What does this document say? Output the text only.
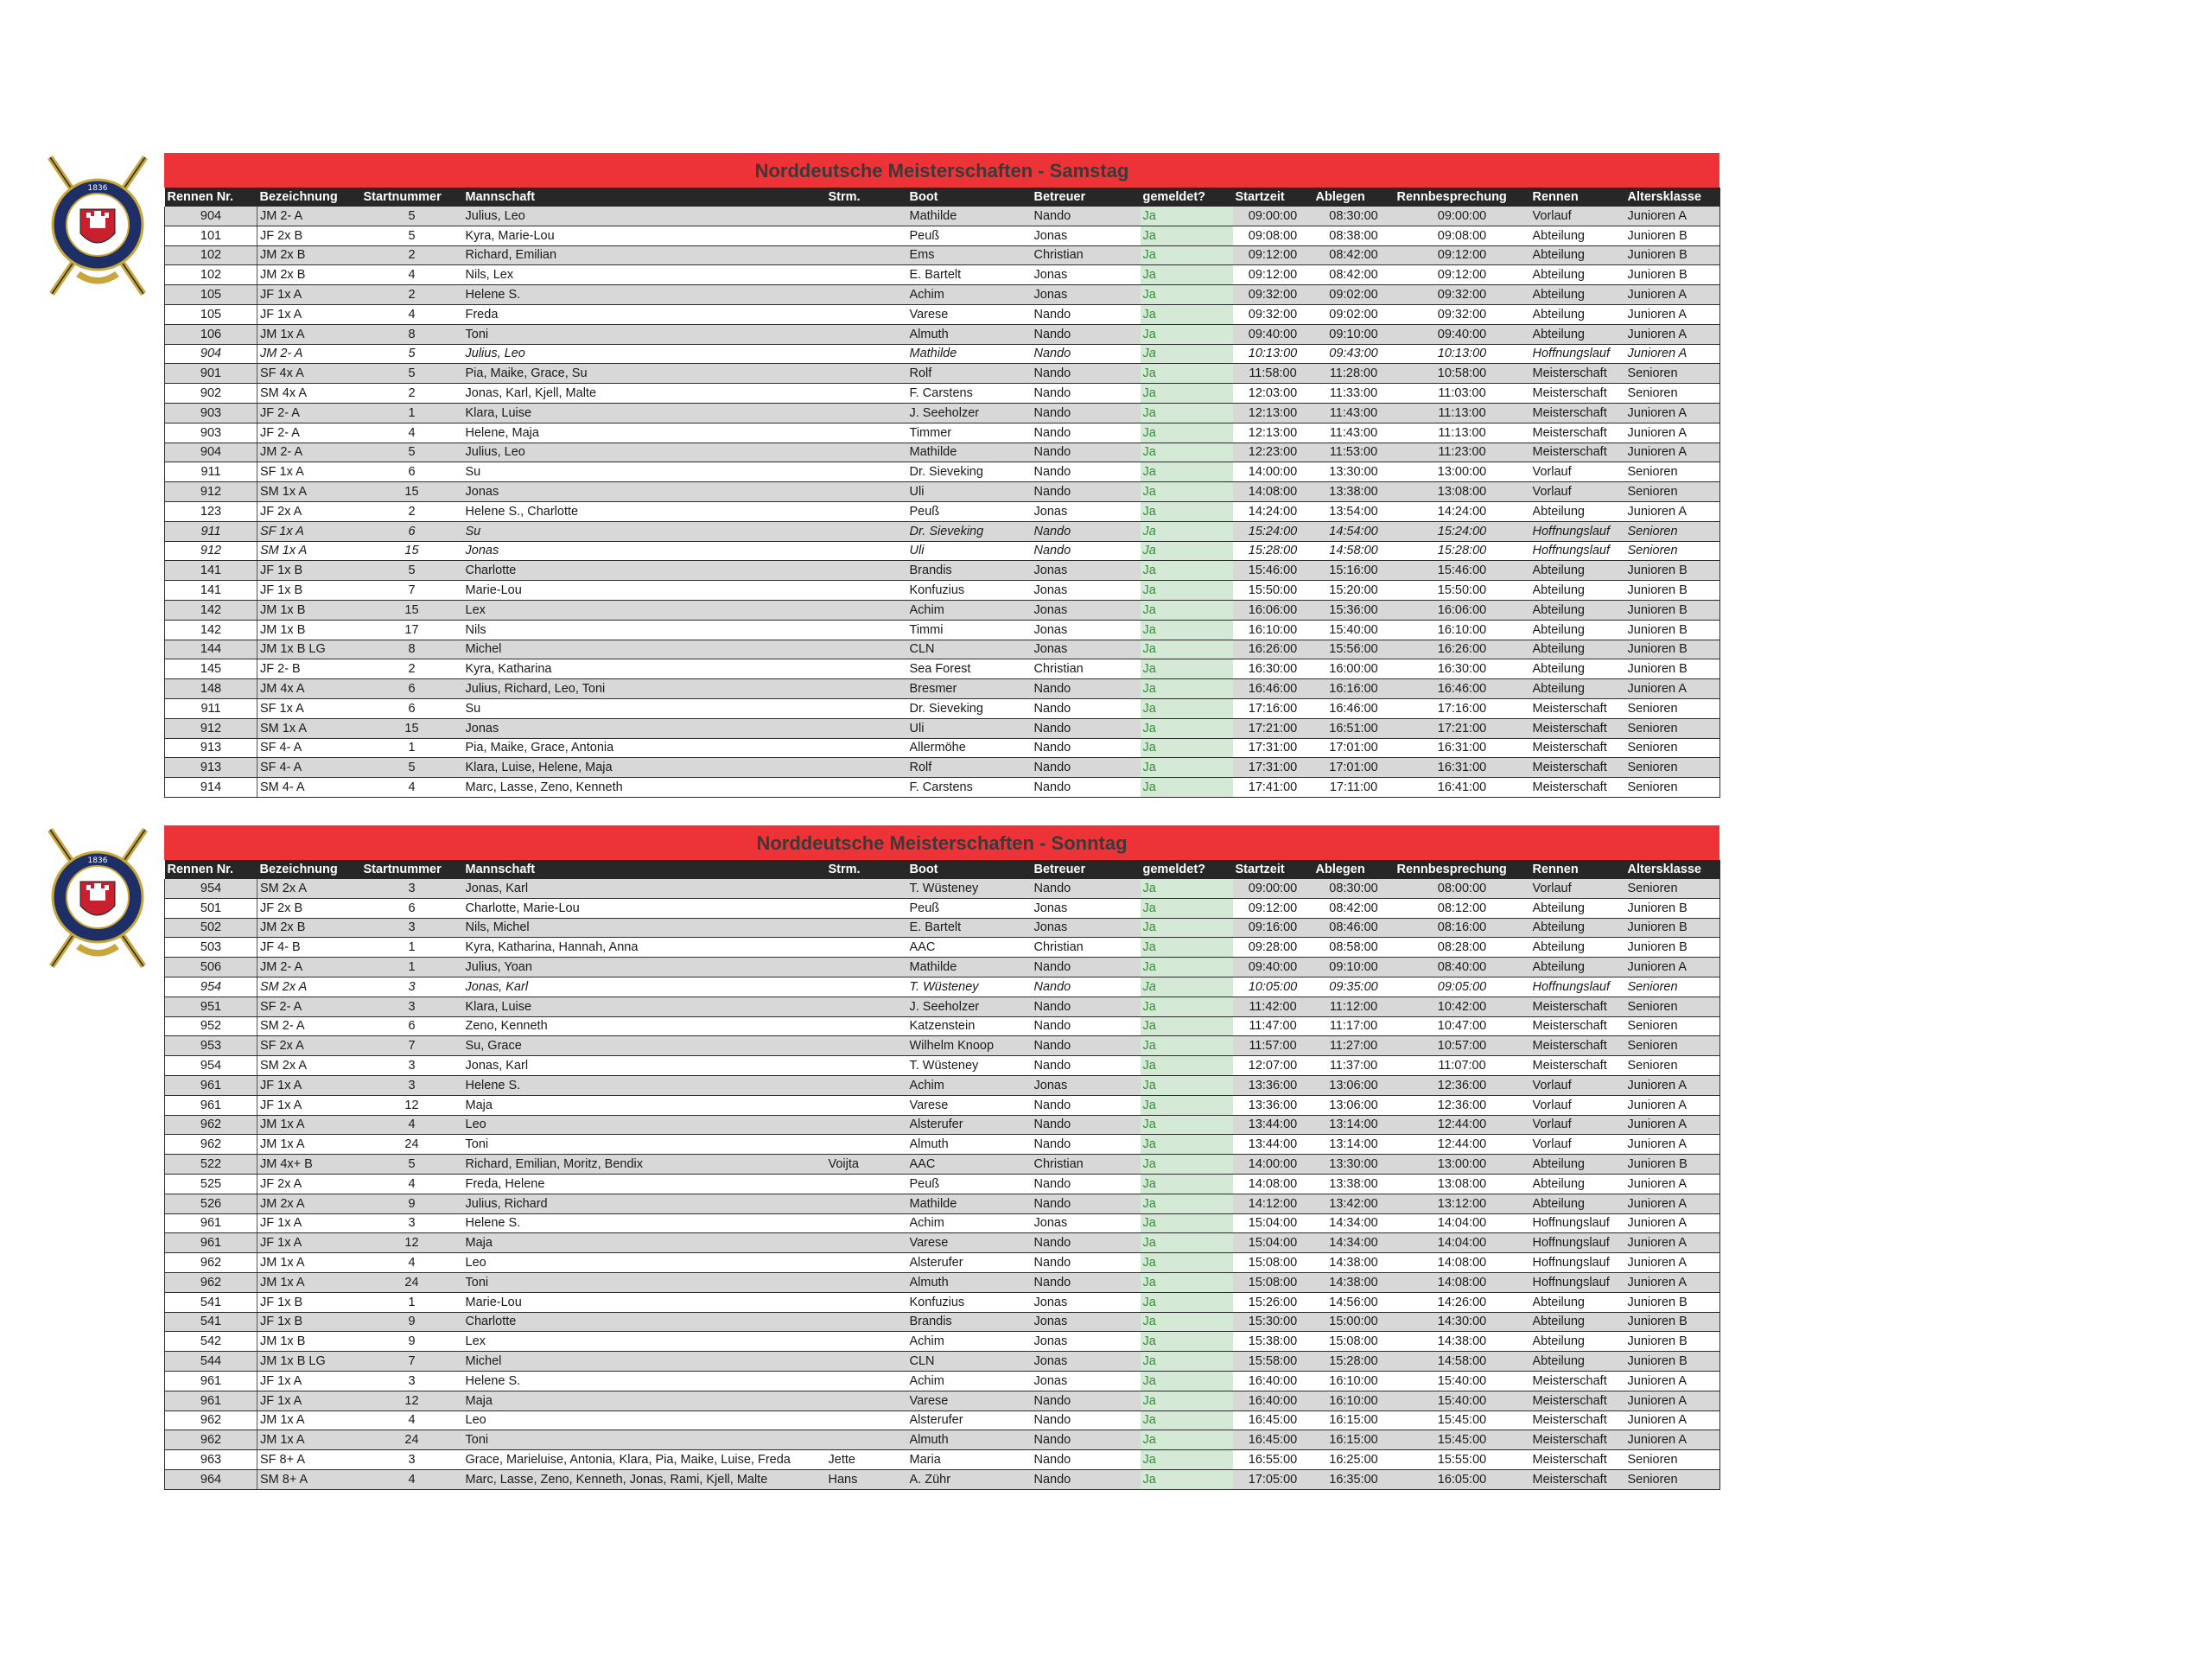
1836
Norddeutsche Meisterschaften - Samstag
Rennen Nr.	Bezeichnung	Startnummer	Mannschaft	Strm.	Boot	Betreuer	gemeldet?	Startzeit	Ablegen	Rennbesprechung	Rennen	Altersklasse
904	JM 2- A	5	Julius, Leo		Mathilde	Nando	Ja	09:00:00	08:30:00	09:00:00	Vorlauf	Junioren A
101	JF 2x B	5	Kyra, Marie-Lou		Peuß	Jonas	Ja	09:08:00	08:38:00	09:08:00	Abteilung	Junioren B
102	JM 2x B	2	Richard, Emilian		Ems	Christian	Ja	09:12:00	08:42:00	09:12:00	Abteilung	Junioren B
102	JM 2x B	4	Nils, Lex		E. Bartelt	Jonas	Ja	09:12:00	08:42:00	09:12:00	Abteilung	Junioren B
105	JF 1x A	2	Helene S.		Achim	Jonas	Ja	09:32:00	09:02:00	09:32:00	Abteilung	Junioren A
105	JF 1x A	4	Freda		Varese	Nando	Ja	09:32:00	09:02:00	09:32:00	Abteilung	Junioren A
106	JM 1x A	8	Toni		Almuth	Nando	Ja	09:40:00	09:10:00	09:40:00	Abteilung	Junioren A
904	JM 2- A	5	Julius, Leo		Mathilde	Nando	Ja	10:13:00	09:43:00	10:13:00	Hoffnungslauf	Junioren A
901	SF 4x A	5	Pia, Maike, Grace, Su		Rolf	Nando	Ja	11:58:00	11:28:00	10:58:00	Meisterschaft	Senioren
902	SM 4x A	2	Jonas, Karl, Kjell, Malte		F. Carstens	Nando	Ja	12:03:00	11:33:00	11:03:00	Meisterschaft	Senioren
903	JF 2- A	1	Klara, Luise		J. Seeholzer	Nando	Ja	12:13:00	11:43:00	11:13:00	Meisterschaft	Junioren A
903	JF 2- A	4	Helene, Maja		Timmer	Nando	Ja	12:13:00	11:43:00	11:13:00	Meisterschaft	Junioren A
904	JM 2- A	5	Julius, Leo		Mathilde	Nando	Ja	12:23:00	11:53:00	11:23:00	Meisterschaft	Junioren A
911	SF 1x A	6	Su		Dr. Sieveking	Nando	Ja	14:00:00	13:30:00	13:00:00	Vorlauf	Senioren
912	SM 1x A	15	Jonas		Uli	Nando	Ja	14:08:00	13:38:00	13:08:00	Vorlauf	Senioren
123	JF 2x A	2	Helene S., Charlotte		Peuß	Jonas	Ja	14:24:00	13:54:00	14:24:00	Abteilung	Junioren A
911	SF 1x A	6	Su		Dr. Sieveking	Nando	Ja	15:24:00	14:54:00	15:24:00	Hoffnungslauf	Senioren
912	SM 1x A	15	Jonas		Uli	Nando	Ja	15:28:00	14:58:00	15:28:00	Hoffnungslauf	Senioren
141	JF 1x B	5	Charlotte		Brandis	Jonas	Ja	15:46:00	15:16:00	15:46:00	Abteilung	Junioren B
141	JF 1x B	7	Marie-Lou		Konfuzius	Jonas	Ja	15:50:00	15:20:00	15:50:00	Abteilung	Junioren B
142	JM 1x B	15	Lex		Achim	Jonas	Ja	16:06:00	15:36:00	16:06:00	Abteilung	Junioren B
142	JM 1x B	17	Nils		Timmi	Jonas	Ja	16:10:00	15:40:00	16:10:00	Abteilung	Junioren B
144	JM 1x B LG	8	Michel		CLN	Jonas	Ja	16:26:00	15:56:00	16:26:00	Abteilung	Junioren B
145	JF 2- B	2	Kyra, Katharina		Sea Forest	Christian	Ja	16:30:00	16:00:00	16:30:00	Abteilung	Junioren B
148	JM 4x A	6	Julius, Richard, Leo, Toni		Bresmer	Nando	Ja	16:46:00	16:16:00	16:46:00	Abteilung	Junioren A
911	SF 1x A	6	Su		Dr. Sieveking	Nando	Ja	17:16:00	16:46:00	17:16:00	Meisterschaft	Senioren
912	SM 1x A	15	Jonas		Uli	Nando	Ja	17:21:00	16:51:00	17:21:00	Meisterschaft	Senioren
913	SF 4- A	1	Pia, Maike, Grace, Antonia		Allermöhe	Nando	Ja	17:31:00	17:01:00	16:31:00	Meisterschaft	Senioren
913	SF 4- A	5	Klara, Luise, Helene, Maja		Rolf	Nando	Ja	17:31:00	17:01:00	16:31:00	Meisterschaft	Senioren
914	SM 4- A	4	Marc, Lasse, Zeno, Kenneth		F. Carstens	Nando	Ja	17:41:00	17:11:00	16:41:00	Meisterschaft	Senioren
1836
Norddeutsche Meisterschaften - Sonntag
Rennen Nr.	Bezeichnung	Startnummer	Mannschaft	Strm.	Boot	Betreuer	gemeldet?	Startzeit	Ablegen	Rennbesprechung	Rennen	Altersklasse
954	SM 2x A	3	Jonas, Karl		T. Wüsteney	Nando	Ja	09:00:00	08:30:00	08:00:00	Vorlauf	Senioren
501	JF 2x B	6	Charlotte, Marie-Lou		Peuß	Jonas	Ja	09:12:00	08:42:00	08:12:00	Abteilung	Junioren B
502	JM 2x B	3	Nils, Michel		E. Bartelt	Jonas	Ja	09:16:00	08:46:00	08:16:00	Abteilung	Junioren B
503	JF 4- B	1	Kyra, Katharina, Hannah, Anna		AAC	Christian	Ja	09:28:00	08:58:00	08:28:00	Abteilung	Junioren B
506	JM 2- A	1	Julius, Yoan		Mathilde	Nando	Ja	09:40:00	09:10:00	08:40:00	Abteilung	Junioren A
954	SM 2x A	3	Jonas, Karl		T. Wüsteney	Nando	Ja	10:05:00	09:35:00	09:05:00	Hoffnungslauf	Senioren
951	SF 2- A	3	Klara, Luise		J. Seeholzer	Nando	Ja	11:42:00	11:12:00	10:42:00	Meisterschaft	Senioren
952	SM 2- A	6	Zeno, Kenneth		Katzenstein	Nando	Ja	11:47:00	11:17:00	10:47:00	Meisterschaft	Senioren
953	SF 2x A	7	Su, Grace		Wilhelm Knoop	Nando	Ja	11:57:00	11:27:00	10:57:00	Meisterschaft	Senioren
954	SM 2x A	3	Jonas, Karl		T. Wüsteney	Nando	Ja	12:07:00	11:37:00	11:07:00	Meisterschaft	Senioren
961	JF 1x A	3	Helene S.		Achim	Jonas	Ja	13:36:00	13:06:00	12:36:00	Vorlauf	Junioren A
961	JF 1x A	12	Maja		Varese	Nando	Ja	13:36:00	13:06:00	12:36:00	Vorlauf	Junioren A
962	JM 1x A	4	Leo		Alsterufer	Nando	Ja	13:44:00	13:14:00	12:44:00	Vorlauf	Junioren A
962	JM 1x A	24	Toni		Almuth	Nando	Ja	13:44:00	13:14:00	12:44:00	Vorlauf	Junioren A
522	JM 4x+ B	5	Richard, Emilian, Moritz, Bendix	Voijta	AAC	Christian	Ja	14:00:00	13:30:00	13:00:00	Abteilung	Junioren B
525	JF 2x A	4	Freda, Helene		Peuß	Nando	Ja	14:08:00	13:38:00	13:08:00	Abteilung	Junioren A
526	JM 2x A	9	Julius, Richard		Mathilde	Nando	Ja	14:12:00	13:42:00	13:12:00	Abteilung	Junioren A
961	JF 1x A	3	Helene S.		Achim	Jonas	Ja	15:04:00	14:34:00	14:04:00	Hoffnungslauf	Junioren A
961	JF 1x A	12	Maja		Varese	Nando	Ja	15:04:00	14:34:00	14:04:00	Hoffnungslauf	Junioren A
962	JM 1x A	4	Leo		Alsterufer	Nando	Ja	15:08:00	14:38:00	14:08:00	Hoffnungslauf	Junioren A
962	JM 1x A	24	Toni		Almuth	Nando	Ja	15:08:00	14:38:00	14:08:00	Hoffnungslauf	Junioren A
541	JF 1x B	1	Marie-Lou		Konfuzius	Jonas	Ja	15:26:00	14:56:00	14:26:00	Abteilung	Junioren B
541	JF 1x B	9	Charlotte		Brandis	Jonas	Ja	15:30:00	15:00:00	14:30:00	Abteilung	Junioren B
542	JM 1x B	9	Lex		Achim	Jonas	Ja	15:38:00	15:08:00	14:38:00	Abteilung	Junioren B
544	JM 1x B LG	7	Michel		CLN	Jonas	Ja	15:58:00	15:28:00	14:58:00	Abteilung	Junioren B
961	JF 1x A	3	Helene S.		Achim	Jonas	Ja	16:40:00	16:10:00	15:40:00	Meisterschaft	Junioren A
961	JF 1x A	12	Maja		Varese	Nando	Ja	16:40:00	16:10:00	15:40:00	Meisterschaft	Junioren A
962	JM 1x A	4	Leo		Alsterufer	Nando	Ja	16:45:00	16:15:00	15:45:00	Meisterschaft	Junioren A
962	JM 1x A	24	Toni		Almuth	Nando	Ja	16:45:00	16:15:00	15:45:00	Meisterschaft	Junioren A
963	SF 8+ A	3	Grace, Marieluise, Antonia, Klara, Pia, Maike, Luise, Freda	Jette	Maria	Nando	Ja	16:55:00	16:25:00	15:55:00	Meisterschaft	Senioren
964	SM 8+ A	4	Marc, Lasse, Zeno, Kenneth, Jonas, Rami, Kjell, Malte	Hans	A. Zühr	Nando	Ja	17:05:00	16:35:00	16:05:00	Meisterschaft	Senioren
